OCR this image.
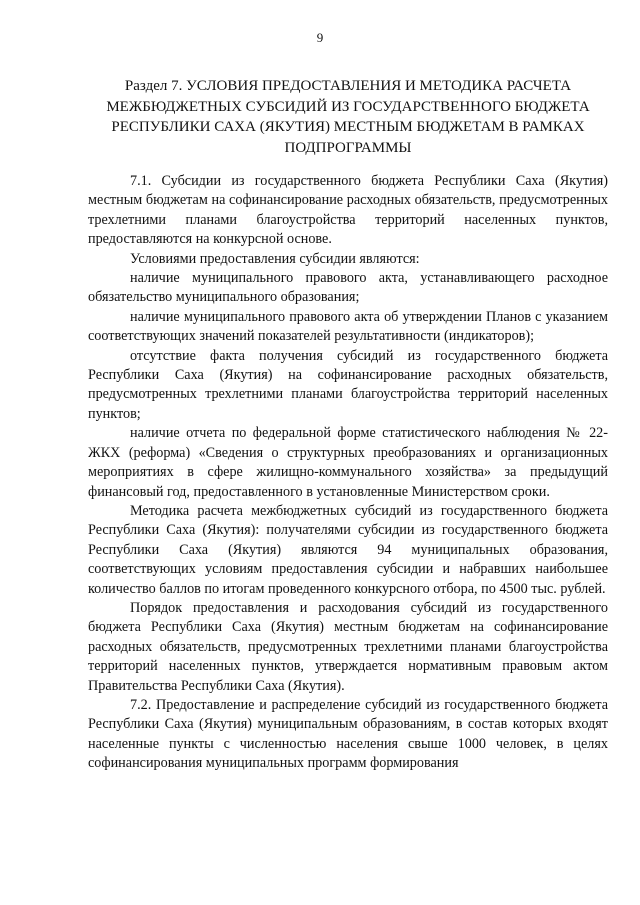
9
Раздел 7. УСЛОВИЯ ПРЕДОСТАВЛЕНИЯ И МЕТОДИКА РАСЧЕТА МЕЖБЮДЖЕТНЫХ СУБСИДИЙ ИЗ ГОСУДАРСТВЕННОГО БЮДЖЕТА РЕСПУБЛИКИ САХА (ЯКУТИЯ) МЕСТНЫМ БЮДЖЕТАМ В РАМКАХ ПОДПРОГРАММЫ

7.1. Субсидии из государственного бюджета Республики Саха (Якутия) местным бюджетам на софинансирование расходных обязательств, предусмотренных трехлетними планами благоустройства территорий населенных пунктов, предоставляются на конкурсной основе.

Условиями предоставления субсидии являются:

наличие муниципального правового акта, устанавливающего расходное обязательство муниципального образования;

наличие муниципального правового акта об утверждении Планов с указанием соответствующих значений показателей результативности (индикаторов);

отсутствие факта получения субсидий из государственного бюджета Республики Саха (Якутия) на софинансирование расходных обязательств, предусмотренных трехлетними планами благоустройства территорий населенных пунктов;

наличие отчета по федеральной форме статистического наблюдения № 22-ЖКХ (реформа) «Сведения о структурных преобразованиях и организационных мероприятиях в сфере жилищно-коммунального хозяйства» за предыдущий финансовый год, предоставленного в установленные Министерством сроки.

Методика расчета межбюджетных субсидий из государственного бюджета Республики Саха (Якутия): получателями субсидии из государственного бюджета Республики Саха (Якутия) являются 94 муниципальных образования, соответствующих условиям предоставления субсидии и набравших наибольшее количество баллов по итогам проведенного конкурсного отбора, по 4500 тыс. рублей.

Порядок предоставления и расходования субсидий из государственного бюджета Республики Саха (Якутия) местным бюджетам на софинансирование расходных обязательств, предусмотренных трехлетними планами благоустройства территорий населенных пунктов, утверждается нормативным правовым актом Правительства Республики Саха (Якутия).

7.2. Предоставление и распределение субсидий из государственного бюджета Республики Саха (Якутия) муниципальным образованиям, в состав которых входят населенные пункты с численностью населения свыше 1000 человек, в целях софинансирования муниципальных программ формирования
